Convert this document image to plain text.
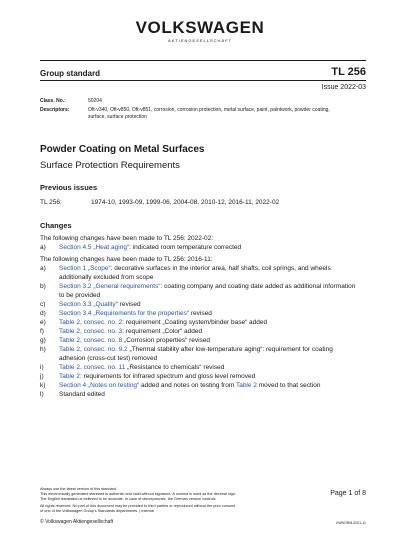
VOLKSWAGEN
AKTIENGESELLSCHAFT
Group standard	TL 256
Issue 2022-03
Class. No.:	50204
Descriptors:	Oft-v340, Oft-v850, Oft-v851, corrosion, corrosion protection, metal surface, paint, paintwork, powder coating, surface, surface protection
Powder Coating on Metal Surfaces
Surface Protection Requirements
Previous issues
TL 256:	1974-10, 1993-09, 1999-06, 2004-08, 2010-12, 2016-11, 2022-02
Changes
The following changes have been made to TL 256: 2022-02:
a) Section 4.5 „Heat aging“: indicated room temperature corrected
The following changes have been made to TL 256: 2016-11:
a) Section 1 „Scope“: decorative surfaces in the interior area, half shafts, coil springs, and wheels additionally excluded from scope
b) Section 3.2 „General requirements“: coating company and coating date added as additional information to be provided
c) Section 3.3 „Quality“ revised
d) Section 3.4 „Requirements for the properties“ revised
e) Table 2, consec. no. 2: requirement „Coating system/binder base“ added
f) Table 2, consec. no. 3: requirement „Color“ added
g) Table 2, consec. no. 8 „Corrosion properties“ revised
h) Table 2, consec. no. 9.2 „Thermal stability after low-temperature aging“: requirement for coating adhesion (cross-cut test) removed
i) Table 2, consec. no. 11 „Resistance to chemicals“ revised
j) Table 2: requirements for infrared spectrum and gloss level removed
k) Section 4 „Notes on testing“ added and notes on testing from Table 2 moved to that section
l) Standard edited
Always use the latest version of this standard.
This electronically generated standard is authentic and valid without signature. A comma is used as the decimal sign.
The English translation is believed to be accurate. In case of discrepancies, the German version controls.
All rights reserved. No part of this document may be provided to third parties or reproduced without the prior consent
of one of the Volkswagen Group's Standards departments. | Internal
Page 1 of 8
© Volkswagen Aktiengesellschaft	VWNORM-2021-11
